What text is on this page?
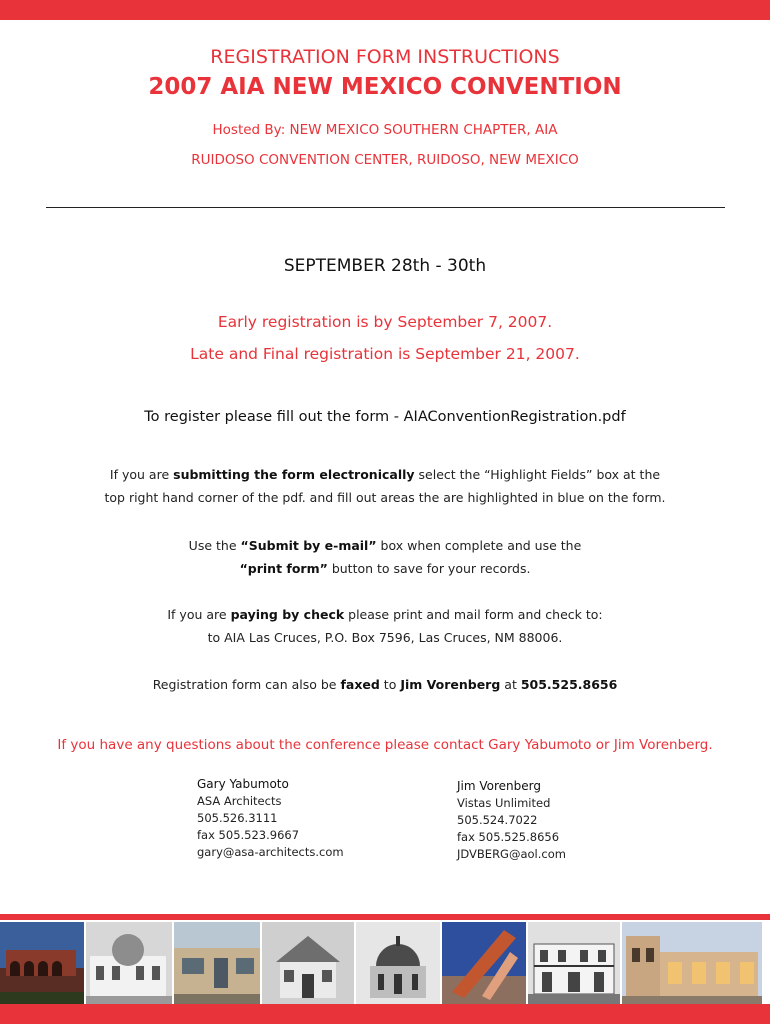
REGISTRATION FORM INSTRUCTIONS
2007 AIA NEW MEXICO CONVENTION
Hosted By: NEW MEXICO SOUTHERN CHAPTER, AIA
RUIDOSO CONVENTION CENTER, RUIDOSO, NEW MEXICO
SEPTEMBER 28th - 30th
Early registration is by September 7, 2007.
Late and Final registration is September 21, 2007.
To register please fill out the form - AIAConventionRegistration.pdf
If you are submitting the form electronically select the “Highlight Fields” box at the
top right hand corner of the pdf. and fill out areas the are highlighted in blue on the form.
Use the “Submit by e-mail” box when complete and use the
“print form” button to save for your records.
If you are paying by check please print and mail form and check to:
to AIA Las Cruces, P.O. Box 7596, Las Cruces, NM 88006.
Registration form can also be faxed to Jim Vorenberg at 505.525.8656
If you have any questions about the conference please contact Gary Yabumoto or Jim Vorenberg.
Gary Yabumoto
ASA Architects
505.526.3111
fax 505.523.9667
gary@asa-architects.com
Jim Vorenberg
Vistas Unlimited
505.524.7022
fax 505.525.8656
JDVBERG@aol.com
